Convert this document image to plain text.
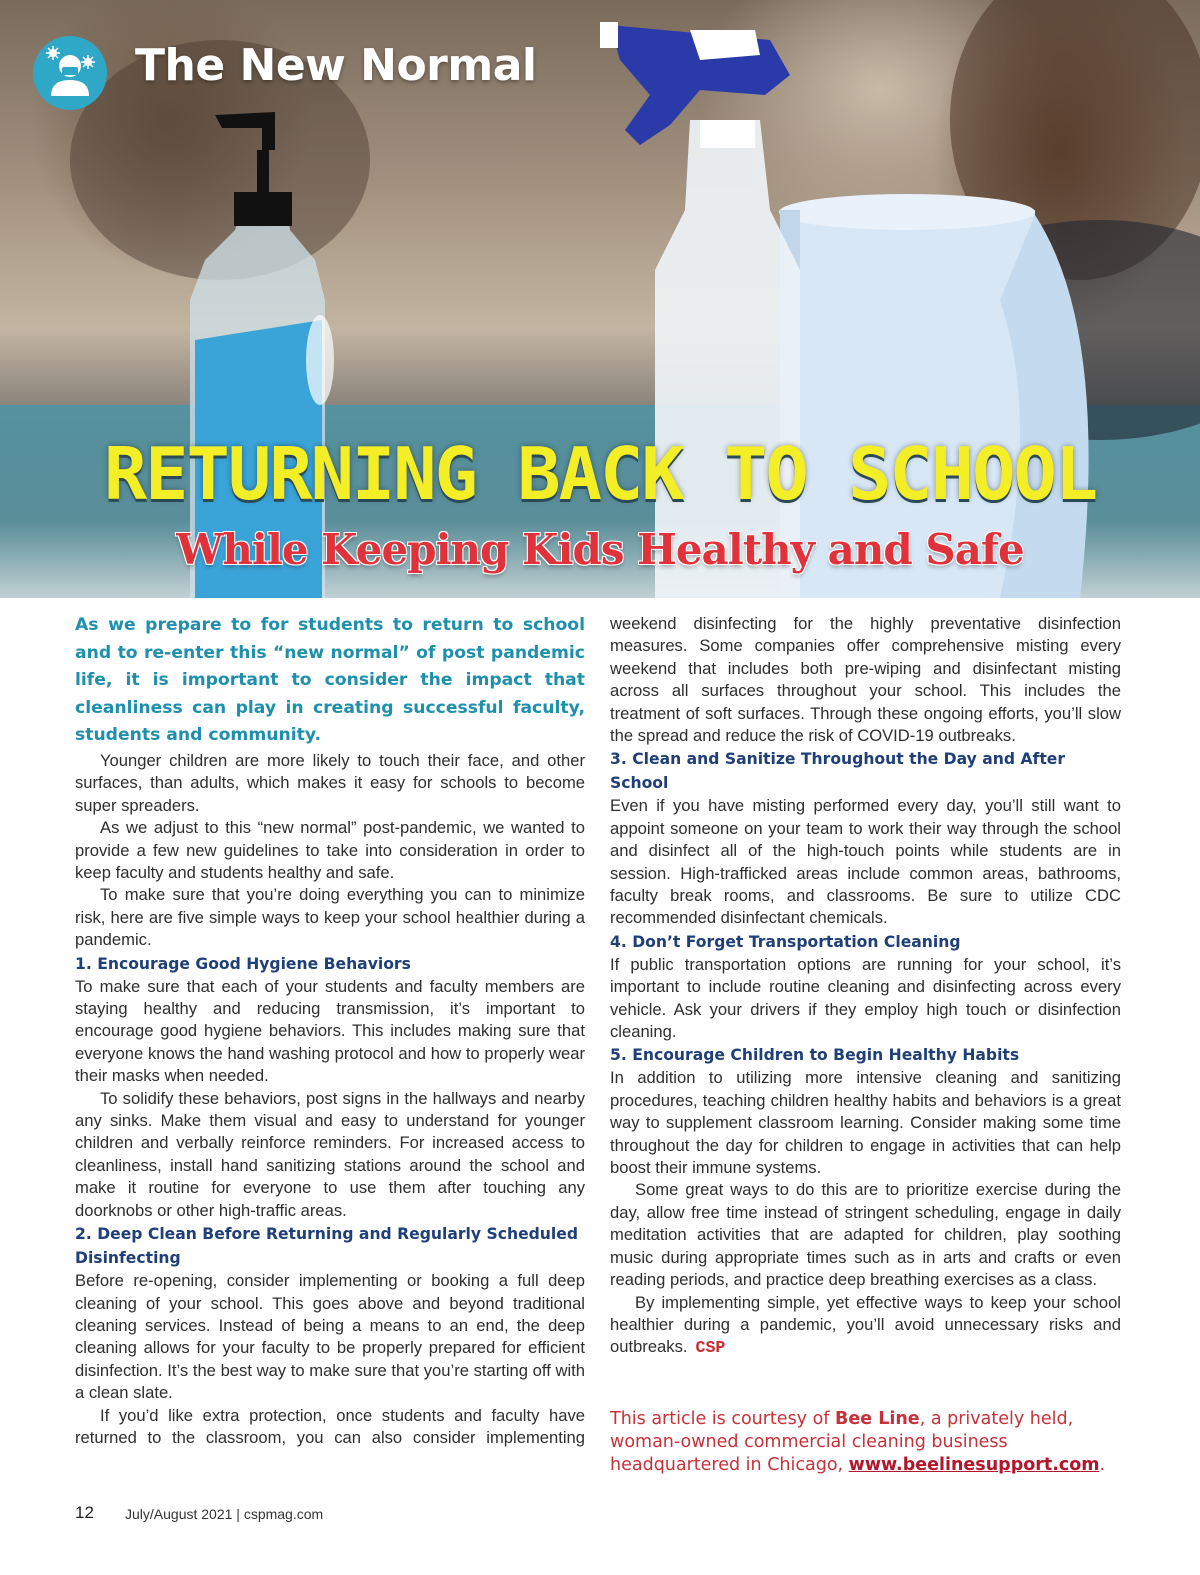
The New Normal
RETURNING BACK TO SCHOOL
While Keeping Kids Healthy and Safe

As we prepare to for students to return to school and to re-enter this “new normal” of post pandemic life, it is important to consider the impact that cleanliness can play in creating successful faculty, students and community.

Younger children are more likely to touch their face, and other surfaces, than adults, which makes it easy for schools to become super spreaders.

As we adjust to this “new normal” post-pandemic, we wanted to provide a few new guidelines to take into consideration in order to keep faculty and students healthy and safe.

To make sure that you’re doing everything you can to minimize risk, here are five simple ways to keep your school healthier during a pandemic.

1. Encourage Good Hygiene Behaviors

To make sure that each of your students and faculty members are staying healthy and reducing transmission, it’s important to encourage good hygiene behaviors. This includes making sure that everyone knows the hand washing protocol and how to properly wear their masks when needed.

To solidify these behaviors, post signs in the hallways and nearby any sinks. Make them visual and easy to understand for younger children and verbally reinforce reminders. For increased access to cleanliness, install hand sanitizing stations around the school and make it routine for everyone to use them after touching any doorknobs or other high-traffic areas.

2. Deep Clean Before Returning and Regularly Scheduled Disinfecting

Before re-opening, consider implementing or booking a full deep cleaning of your school. This goes above and beyond traditional cleaning services. Instead of being a means to an end, the deep cleaning allows for your faculty to be properly prepared for efficient disinfection. It’s the best way to make sure that you’re starting off with a clean slate.

If you’d like extra protection, once students and faculty have returned to the classroom, you can also consider implementing

weekend disinfecting for the highly preventative disinfection measures. Some companies offer comprehensive misting every weekend that includes both pre-wiping and disinfectant misting across all surfaces throughout your school. This includes the treatment of soft surfaces. Through these ongoing efforts, you’ll slow the spread and reduce the risk of COVID-19 outbreaks.

3. Clean and Sanitize Throughout the Day and After School

Even if you have misting performed every day, you’ll still want to appoint someone on your team to work their way through the school and disinfect all of the high-touch points while students are in session. High-trafficked areas include common areas, bathrooms, faculty break rooms, and classrooms. Be sure to utilize CDC recommended disinfectant chemicals.

4. Don’t Forget Transportation Cleaning

If public transportation options are running for your school, it’s important to include routine cleaning and disinfecting across every vehicle. Ask your drivers if they employ high touch or disinfection cleaning.

5. Encourage Children to Begin Healthy Habits

In addition to utilizing more intensive cleaning and sanitizing procedures, teaching children healthy habits and behaviors is a great way to supplement classroom learning. Consider making some time throughout the day for children to engage in activities that can help boost their immune systems.

Some great ways to do this are to prioritize exercise during the day, allow free time instead of stringent scheduling, engage in daily meditation activities that are adapted for children, play soothing music during appropriate times such as in arts and crafts or even reading periods, and practice deep breathing exercises as a class.

By implementing simple, yet effective ways to keep your school healthier during a pandemic, you’ll avoid unnecessary risks and outbreaks. CSP

This article is courtesy of Bee Line, a privately held, woman-owned commercial cleaning business headquartered in Chicago, www.beelinesupport.com.
12 July/August 2021 | cspmag.com
